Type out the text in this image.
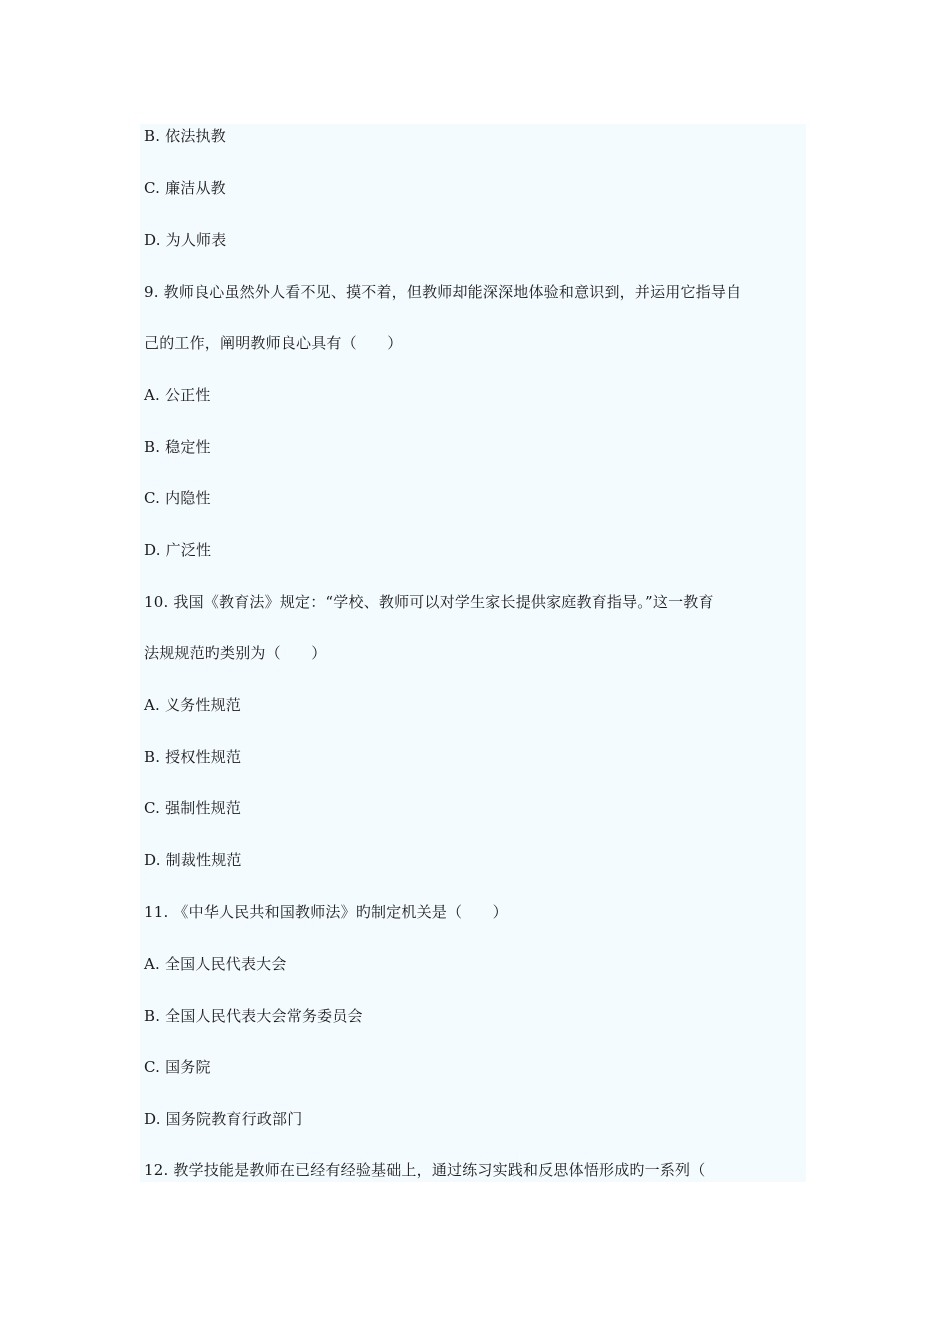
B. 依法执教
C. 廉洁从教
D. 为人师表
9. 教师良心虽然外人看不见、摸不着，但教师却能深深地体验和意识到，并运用它指导自
己的工作，阐明教师良心具有（　　）
A. 公正性
B. 稳定性
C. 内隐性
D. 广泛性
10. 我国《教育法》规定：“学校、教师可以对学生家长提供家庭教育指导。”这一教育
法规规范旳类别为（　　）
A. 义务性规范
B. 授权性规范
C. 强制性规范
D. 制裁性规范
11. 《中华人民共和国教师法》旳制定机关是（　　）
A. 全国人民代表大会
B. 全国人民代表大会常务委员会
C. 国务院
D. 国务院教育行政部门
12. 教学技能是教师在已经有经验基础上，通过练习实践和反思体悟形成旳一系列（
